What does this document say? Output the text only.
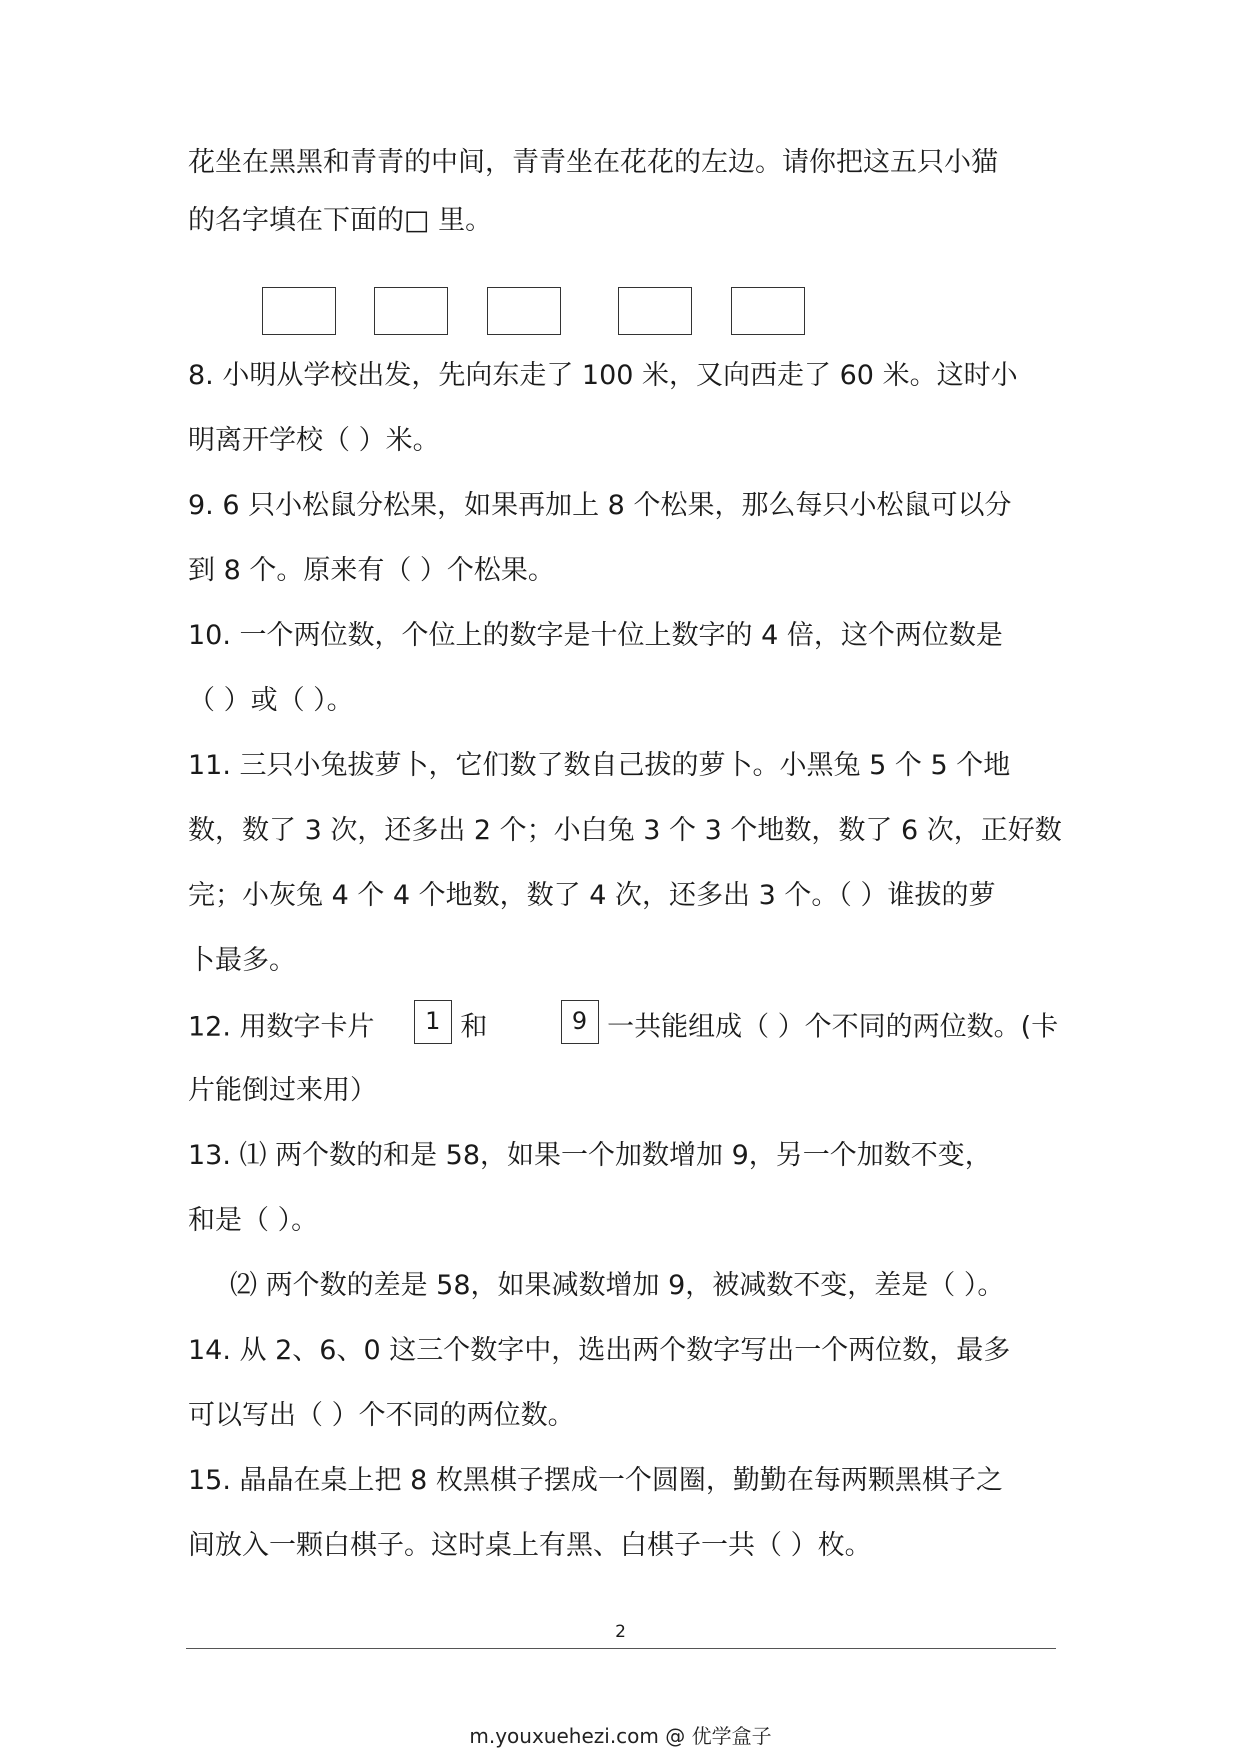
花坐在黑黑和青青的中间，青青坐在花花的左边。请你把这五只小猫
的名字填在下面的□ 里。
8. 小明从学校出发，先向东走了 100 米，又向西走了 60 米。这时小
明离开学校（ ）米。
9. 6 只小松鼠分松果，如果再加上 8 个松果，那么每只小松鼠可以分
到 8 个。原来有（ ）个松果。
10. 一个两位数，个位上的数字是十位上数字的 4 倍，这个两位数是
（ ）或（ ）。
11. 三只小兔拔萝卜，它们数了数自己拔的萝卜。小黑兔 5 个 5 个地
数，数了 3 次，还多出 2 个；小白兔 3 个 3 个地数，数了 6 次，正好数
完；小灰兔 4 个 4 个地数，数了 4 次，还多出 3 个。（ ）谁拔的萝
卜最多。
12. 用数字卡片 1 和	9 一共能组成（ ）个不同的两位数。(卡
片能倒过来用）
13. ⑴ 两个数的和是 58，如果一个加数增加 9，另一个加数不变，
和是（ ）。
⑵ 两个数的差是 58，如果减数增加 9，被减数不变，差是（ ）。
14. 从 2、6、0 这三个数字中，选出两个数字写出一个两位数，最多
可以写出（ ）个不同的两位数。
15. 晶晶在桌上把 8 枚黑棋子摆成一个圆圈，勤勤在每两颗黑棋子之
间放入一颗白棋子。这时桌上有黑、白棋子一共（ ）枚。
2
m.youxuehezi.com @ 优学盒子
